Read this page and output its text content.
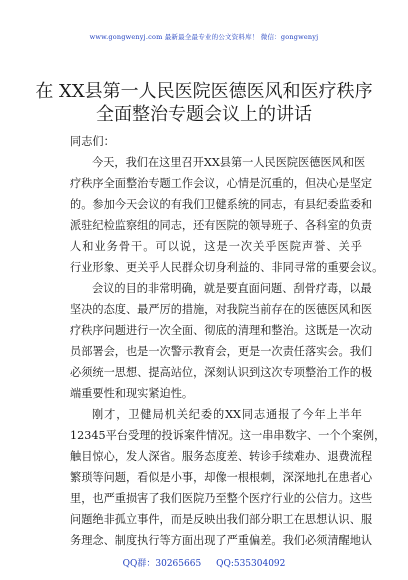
www.gongwenyj.com 最新最全最专业的公文资料库！ 微信：gongwenyj
在 XX县第一人民医院医德医风和医疗秩序
全面整治专题会议上的讲话
同志们：
今天，我们在这里召开XX县第一人民医院医德医风和医
疗秩序全面整治专题工作会议，心情是沉重的，但决心是坚定
的。参加今天会议的有我们卫健系统的同志，有县纪委监委和
派驻纪检监察组的同志，还有医院的领导班子、各科室的负责
人和业务骨干。可以说，这是一次关乎医院声誉、关乎
行业形象、更关乎人民群众切身利益的、非同寻常的重要会议。
会议的目的非常明确，就是要直面问题、刮骨疗毒，以最
坚决的态度、最严厉的措施，对我院当前存在的医德医风和医
疗秩序问题进行一次全面、彻底的清理和整治。这既是一次动
员部署会，也是一次警示教育会，更是一次责任落实会。我们
必须统一思想、提高站位，深刻认识到这次专项整治工作的极
端重要性和现实紧迫性。
刚才，卫健局机关纪委的XX同志通报了今年上半年
12345平台受理的投诉案件情况。这一串串数字、一个个案例，
触目惊心，发人深省。服务态度差、转诊手续难办、退费流程
繁琐等问题，看似是小事，却像一根根刺，深深地扎在患者心
里，也严重损害了我们医院乃至整个医疗行业的公信力。这些
问题绝非孤立事件，而是反映出我们部分职工在思想认识、服
务理念、制度执行等方面出现了严重偏差。我们必须清醒地认
QQ群：30265665 QQ:535304092
